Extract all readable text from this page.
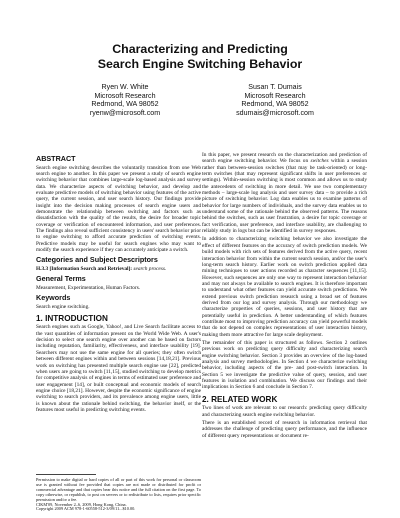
Characterizing and Predicting
Search Engine Switching Behavior
Ryen W. White
Microsoft Research
Redmond, WA 98052
ryenw@microsoft.com
Susan T. Dumais
Microsoft Research
Redmond, WA 98052
sdumais@microsoft.com
ABSTRACT

Search engine switching describes the voluntarily transition from one Web search engine to another. In this paper we present a study of search engine switching behavior that combines large-scale log-based analysis and survey data. We characterize aspects of switching behavior, and develop and evaluate predictive models of switching behavior using features of the active query, the current session, and user search history. Our findings provide insight into the decision making processes of search engine users and demonstrate the relationship between switching and factors such as dissatisfaction with the quality of the results, the desire for broader topic coverage or verification of encountered information, and user preferences. The findings also reveal sufficient consistency in users' search behavior prior to engine switching to afford accurate prediction of switching events. Predictive models may be useful for search engines who may want to modify the search experience if they can accurately anticipate a switch.

Categories and Subject Descriptors

H.3.3 [Information Search and Retrieval]: search process.

General Terms

Measurement, Experimentation, Human Factors.

Keywords

Search engine switching.

1. INTRODUCTION

Search engines such as Google, Yahoo!, and Live Search facilitate access to the vast quantities of information present on the World Wide Web. A user's decision to select one search engine over another can be based on factors including reputation, familiarity, effectiveness, and interface usability [19]. Searchers may not use the same engine for all queries; they often switch between different engines within and between sessions [14,18,21]. Previous work on switching has presented multiple search engine use [22], predicted when users are going to switch [11,15], studied switching to develop metrics for competitive analysis of engines in terms of estimated user preference and user engagement [14], or built conceptual and economic models of search engine choice [18,21]. However, despite the economic significance of engine switching to search providers, and its prevalence among engine users, little is known about the rationale behind switching, the behavior itself, or the features most useful in predicting switching events.

Permission to make digital or hard copies of all or part of this work for personal or classroom use is granted without fee provided that copies are not made or distributed for profit or commercial advantage and that copies bear this notice and the full citation on the first page. To copy otherwise, or republish, to post on servers or to redistribute to lists, requires prior specific permission and/or a fee.
CIKM'09, November 2–6, 2009, Hong Kong, China.
Copyright 2009 ACM 978-1-60558-512-3/09/11...$10.00.

In this paper, we present research on the characterization and prediction of search engine switching behavior. We focus on switches within a session rather than between-session switches (that may be task-oriented) or long-term switches (that may represent significant shifts in user preferences or settings). Within-session switching is most common and allows us to study the antecedents of switching in more detail. We use two complementary methods – large-scale log analysis and user survey data – to provide a rich picture of switching behavior. Log data enables us to examine patterns of behavior for large numbers of individuals, and the survey data enables us to understand some of the rationale behind the observed patterns. The reasons behind the switches, such as user frustration, a desire for topic coverage or fact verification, user preference, and interface usability, are challenging to reliably study in logs but can be identified in survey responses.

In addition to characterizing switching behavior we also investigate the effect of different features on the accuracy of switch prediction models. We build models with rich sets of features derived from the active query, recent interaction behavior from within the current search session, and/or the user's long-term search history. Earlier work on switch prediction applied data mining techniques to user actions recorded as character sequences [11,15]. However, such sequences are only one way to represent interaction behavior and may not always be available to search engines. It is therefore important to understand what other features can yield accurate switch predictions. We extend previous switch prediction research using a broad set of features derived from our log and survey analysis. Through our methodology we characterize properties of queries, sessions, and user history that are potentially useful in prediction. A better understanding of which features contribute most to improving prediction accuracy can yield powerful models that do not depend on complex representations of user interaction history, making them more attractive for large scale deployment.

The remainder of this paper is structured as follows. Section 2 outlines previous work on predicting query difficulty and characterizing search engine switching behavior. Section 3 provides an overview of the log-based analysis and survey methodologies. In Section 4 we characterize switching behavior, including aspects of the pre- and post-switch interaction. In Section 5 we investigate the predictive value of query, session, and user features in isolation and combination. We discuss our findings and their implications in Section 6 and conclude in Section 7.

2. RELATED WORK

Two lines of work are relevant to our research: predicting query difficulty and characterizing search engine switching behavior.

There is an established record of research in information retrieval that addresses the challenge of predicting query performance, and the influence of different query representations or document re-
